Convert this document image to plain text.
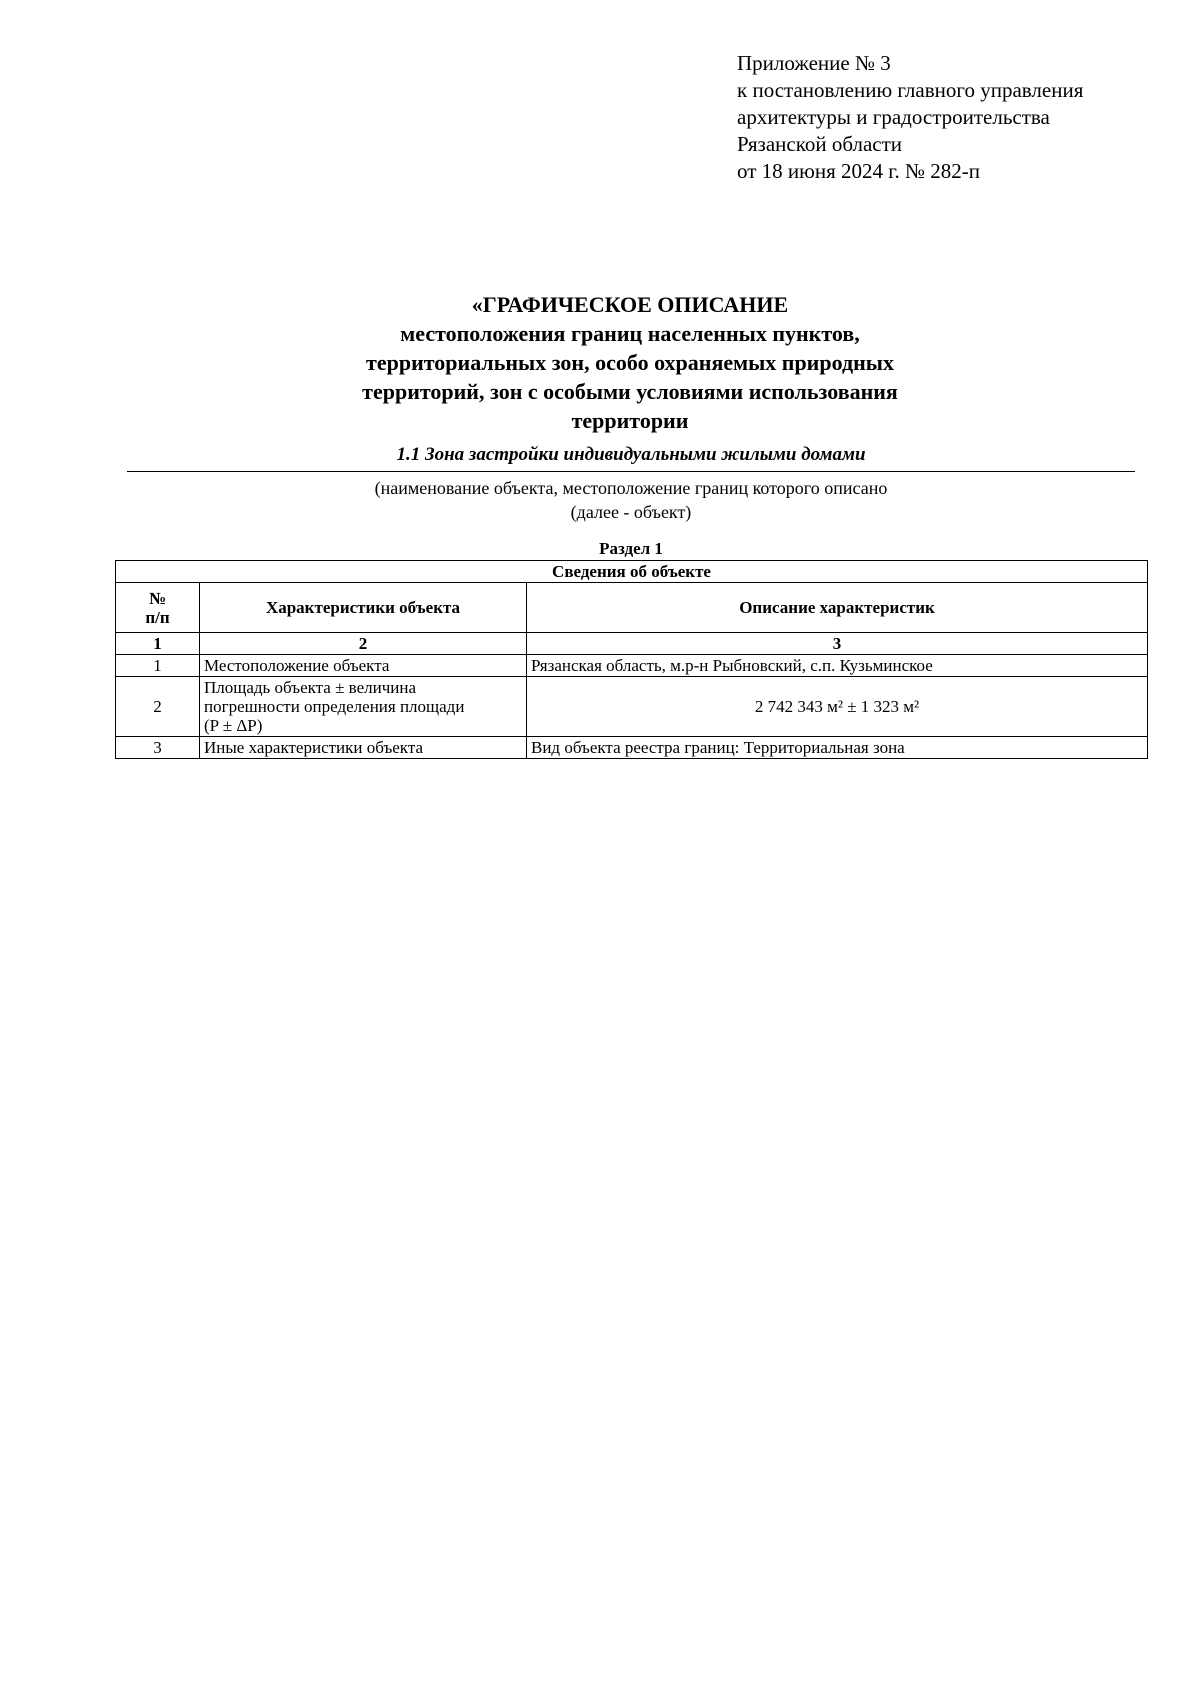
Приложение № 3
к постановлению главного управления
архитектуры и градостроительства
Рязанской области
от 18 июня 2024 г. № 282-п
«ГРАФИЧЕСКОЕ ОПИСАНИЕ
местоположения границ населенных пунктов,
территориальных зон, особо охраняемых природных
территорий, зон с особыми условиями использования
территории
1.1 Зона застройки индивидуальными жилыми домами
(наименование объекта, местоположение границ которого описано
(далее - объект)
Раздел 1
Сведения об объекте		

№
п/п	Характеристики объекта	Описание характеристик
1	2	3
1	Местоположение объекта	Рязанская область, м.р-н Рыбновский, с.п. Кузьминское
2	Площадь объекта ± величина
погрешности определения площади
(P ± ΔP)	2 742 343 м² ± 1 323 м²
3	Иные характеристики объекта	Вид объекта реестра границ: Территориальная зона
